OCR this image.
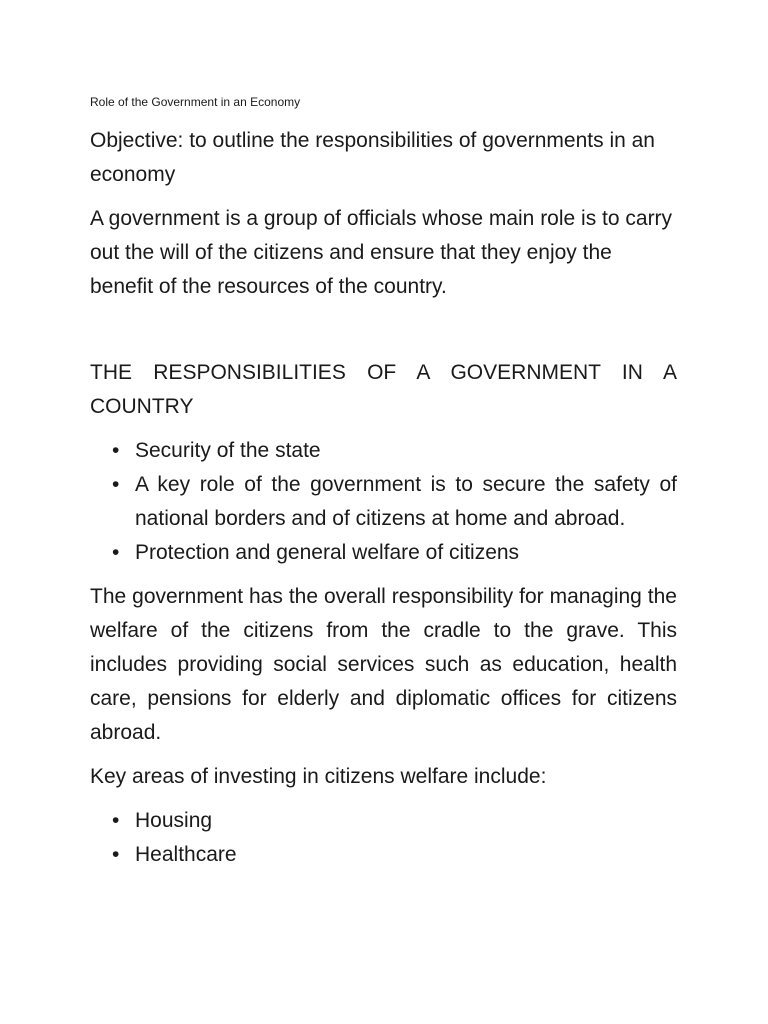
Role of the Government in an Economy

Objective: to outline the responsibilities of governments in an economy

A government is a group of officials whose main role is to carry out the will of the citizens and ensure that they enjoy the benefit of the resources of the country.

THE RESPONSIBILITIES OF A GOVERNMENT IN A COUNTRY

• Security of the state
• A key role of the government is to secure the safety of national borders and of citizens at home and abroad.
• Protection and general welfare of citizens

The government has the overall responsibility for managing the welfare of the citizens from the cradle to the grave. This includes providing social services such as education, health care, pensions for elderly and diplomatic offices for citizens abroad.

Key areas of investing in citizens welfare include:

• Housing
• Healthcare
